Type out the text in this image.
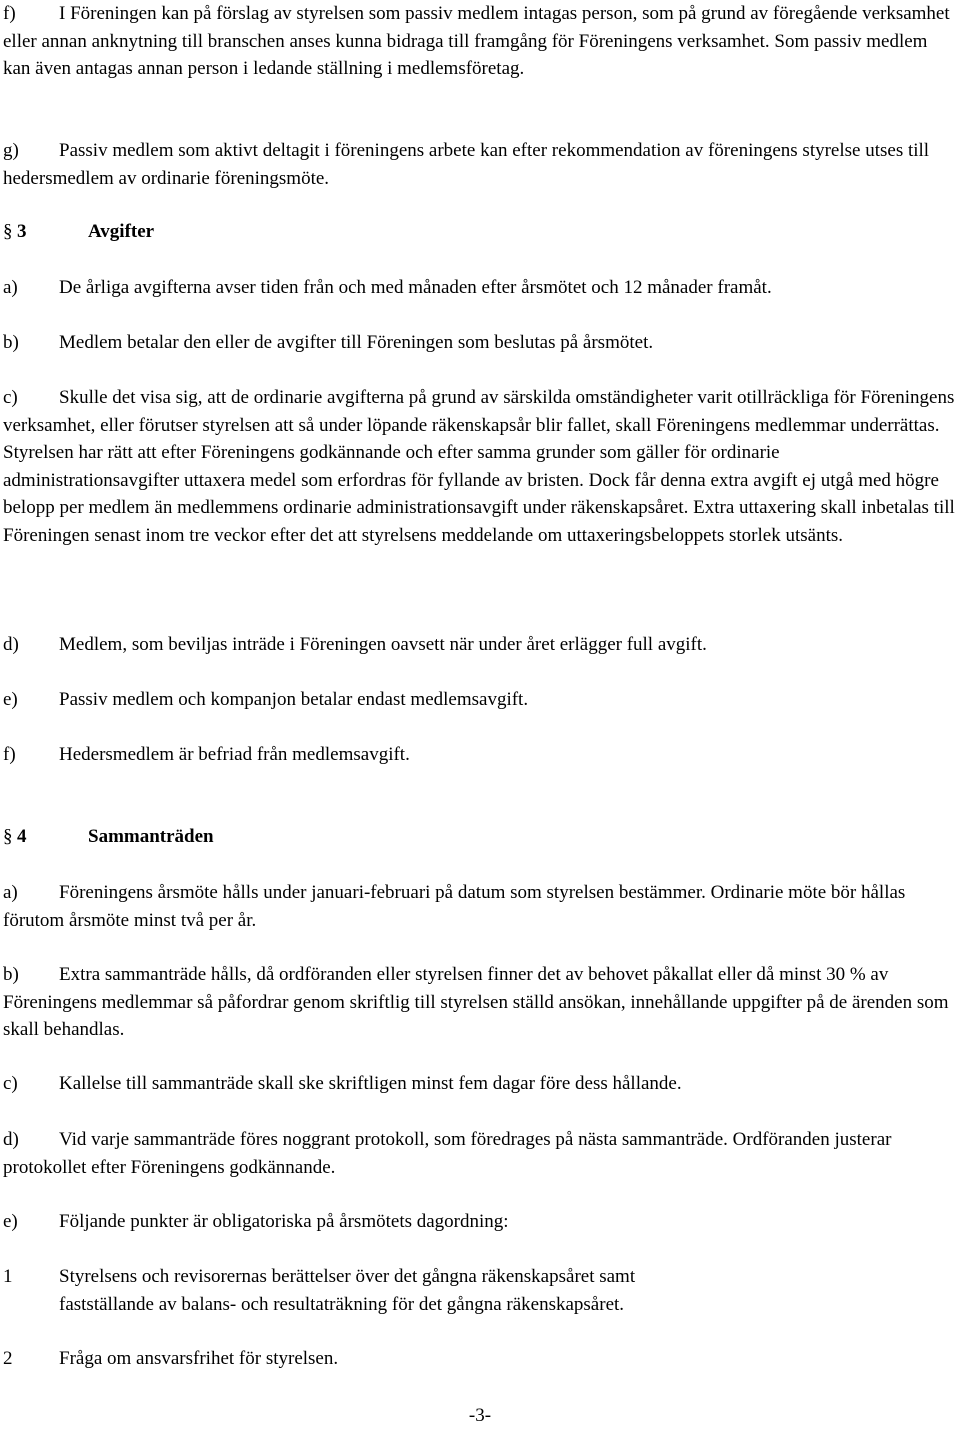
f) I Föreningen kan på förslag av styrelsen som passiv medlem intagas person, som på grund av föregående verksamhet eller annan anknytning till branschen anses kunna bidraga till framgång för Föreningens verksamhet. Som passiv medlem kan även antagas annan person i ledande ställning i medlemsföretag.

g) Passiv medlem som aktivt deltagit i föreningens arbete kan efter rekommendation av föreningens styrelse utses till hedersmedlem av ordinarie föreningsmöte.

§ 3	Avgifter

a) De årliga avgifterna avser tiden från och med månaden efter årsmötet och 12 månader framåt.

b) Medlem betalar den eller de avgifter till Föreningen som beslutas på årsmötet.

c) Skulle det visa sig, att de ordinarie avgifterna på grund av särskilda omständigheter varit otillräckliga för Föreningens verksamhet, eller förutser styrelsen att så under löpande räkenskapsår blir fallet, skall Föreningens medlemmar underrättas. Styrelsen har rätt att efter Föreningens godkännande och efter samma grunder som gäller för ordinarie administrationsavgifter uttaxera medel som erfordras för fyllande av bristen. Dock får denna extra avgift ej utgå med högre belopp per medlem än medlemmens ordinarie administrationsavgift under räkenskapsåret. Extra uttaxering skall inbetalas till Föreningen senast inom tre veckor efter det att styrelsens meddelande om uttaxeringsbeloppets storlek utsänts.

d) Medlem, som beviljas inträde i Föreningen oavsett när under året erlägger full avgift.

e) Passiv medlem och kompanjon betalar endast medlemsavgift.

f) Hedersmedlem är befriad från medlemsavgift.

§ 4	Sammanträden

a) Föreningens årsmöte hålls under januari-februari på datum som styrelsen bestämmer. Ordinarie möte bör hållas förutom årsmöte minst två per år.

b) Extra sammanträde hålls, då ordföranden eller styrelsen finner det av behovet påkallat eller då minst 30 % av Föreningens medlemmar så påfordrar genom skriftlig till styrelsen ställd ansökan, innehållande uppgifter på de ärenden som skall behandlas.

c) Kallelse till sammanträde skall ske skriftligen minst fem dagar före dess hållande.

d) Vid varje sammanträde föres noggrant protokoll, som föredrages på nästa sammanträde. Ordföranden justerar protokollet efter Föreningens godkännande.

e) Följande punkter är obligatoriska på årsmötets dagordning:

1 Styrelsens och revisorernas berättelser över det gångna räkenskapsåret samt
fastställande av balans- och resultaträkning för det gångna räkenskapsåret.

2 Fråga om ansvarsfrihet för styrelsen.

-3-
